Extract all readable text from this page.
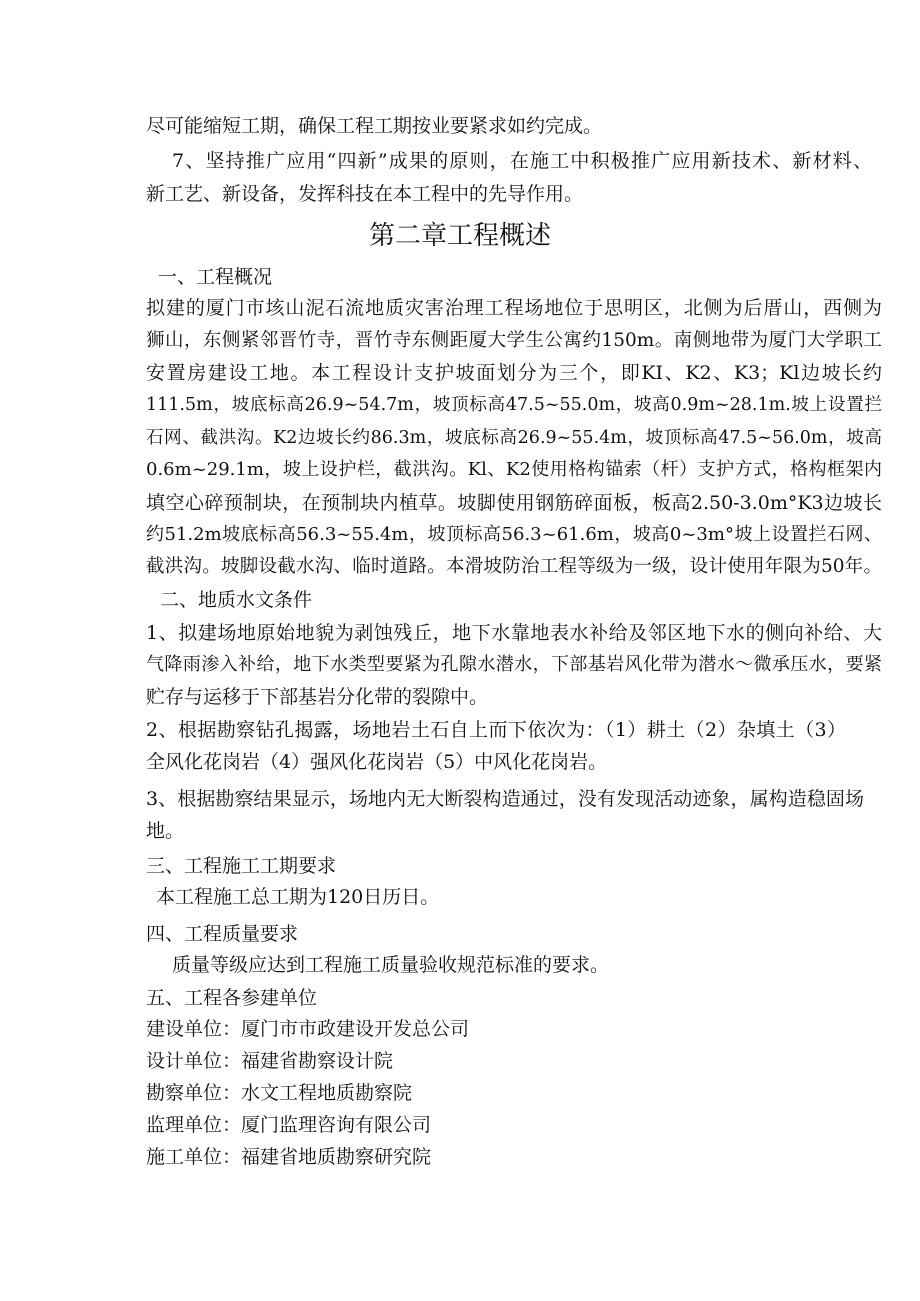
尽可能缩短工期，确保工程工期按业要紧求如约完成。
7、坚持推广应用“四新”成果的原则，在施工中积极推广应用新技术、新材料、
新工艺、新设备，发挥科技在本工程中的先导作用。
第二章工程概述
一、工程概况
拟建的厦门市垓山泥石流地质灾害治理工程场地位于思明区，北侧为后厝山，西侧为
狮山，东侧紧邻晋竹寺，晋竹寺东侧距厦大学生公寓约150m。南侧地带为厦门大学职工
安置房建设工地。本工程设计支护坡面划分为三个，即KI、K2、K3；Kl边坡长约
111.5m，坡底标高26.9~54.7m，坡顶标高47.5~55.0m，坡高0.9m~28.1m.坡上设置拦
石网、截洪沟。K2边坡长约86.3m，坡底标高26.9~55.4m，坡顶标高47.5~56.0m，坡高
0.6m~29.1m，坡上设护栏，截洪沟。Kl、K2使用格构锚索（杆）支护方式，格构框架内
填空心碎预制块，在预制块内植草。坡脚使用钢筋碎面板，板高2.50-3.0m°K3边坡长
约51.2m坡底标高56.3~55.4m，坡顶标高56.3~61.6m，坡高0~3m°坡上设置拦石网、
截洪沟。坡脚设截水沟、临时道路。本滑坡防治工程等级为一级，设计使用年限为50年。
二、地质水文条件
1、拟建场地原始地貌为剥蚀残丘，地下水靠地表水补给及邻区地下水的侧向补给、大
气降雨渗入补给，地下水类型要紧为孔隙水潜水，下部基岩风化带为潜水～微承压水，要紧
贮存与运移于下部基岩分化带的裂隙中。
2、根据勘察钻孔揭露，场地岩土石自上而下依次为：（1）耕土（2）杂填土（3）
全风化花岗岩（4）强风化花岗岩（5）中风化花岗岩。
3、根据勘察结果显示，场地内无大断裂构造通过，没有发现活动迹象，属构造稳固场
地。
三、工程施工工期要求
本工程施工总工期为120日历日。
四、工程质量要求
质量等级应达到工程施工质量验收规范标准的要求。
五、工程各参建单位
建设单位：厦门市市政建设开发总公司
设计单位：福建省勘察设计院
勘察单位：水文工程地质勘察院
监理单位：厦门监理咨询有限公司
施工单位：福建省地质勘察研究院
